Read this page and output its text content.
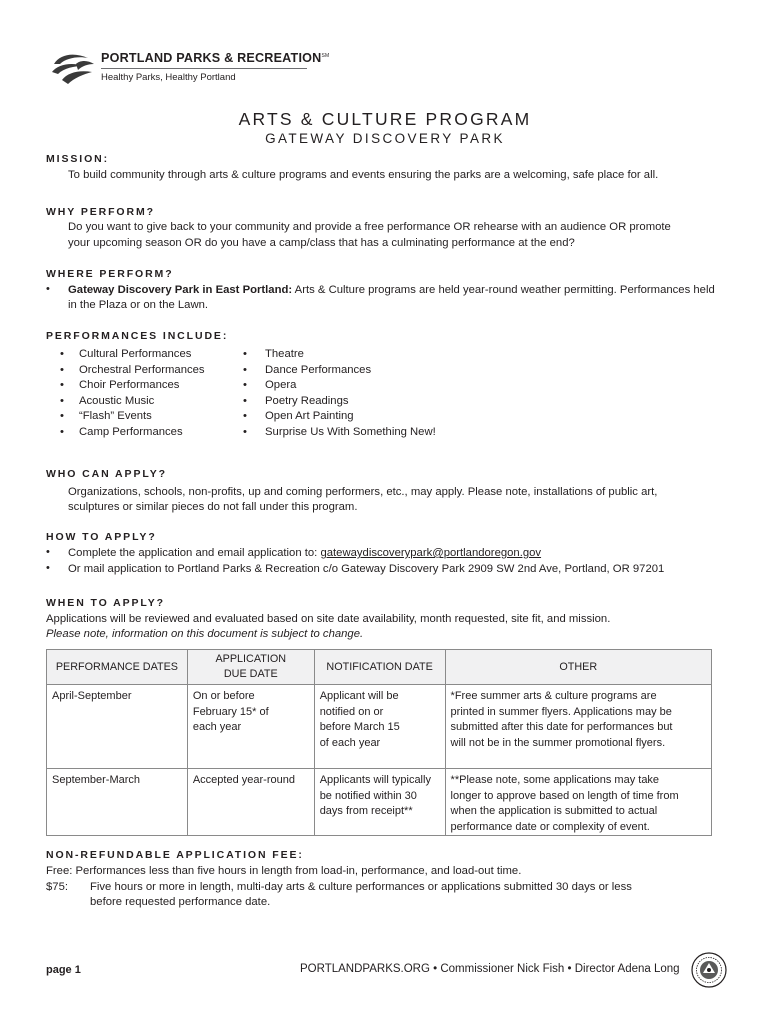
PORTLAND PARKS & RECREATION℠
Healthy Parks, Healthy Portland
ARTS & CULTURE PROGRAM
GATEWAY DISCOVERY PARK
MISSION:
To build community through arts & culture programs and events ensuring the parks are a welcoming, safe place for all.
WHY PERFORM?
Do you want to give back to your community and provide a free performance OR rehearse with an audience OR promote
your upcoming season OR do you have a camp/class that has a culminating performance at the end?
WHERE PERFORM?
• Gateway Discovery Park in East Portland: Arts & Culture programs are held year-round weather permitting. Performances held
in the Plaza or on the Lawn.
PERFORMANCES INCLUDE:
• Cultural Performances
• Orchestral Performances
• Choir Performances
• Acoustic Music
• “Flash” Events
• Camp Performances
• Theatre
• Dance Performances
• Opera
• Poetry Readings
• Open Art Painting
• Surprise Us With Something New!
WHO CAN APPLY?
Organizations, schools, non-profits, up and coming performers, etc., may apply. Please note, installations of public art,
sculptures or similar pieces do not fall under this program.
HOW TO APPLY?
• Complete the application and email application to: gatewaydiscoverypark@portlandoregon.gov
• Or mail application to Portland Parks & Recreation c/o Gateway Discovery Park 2909 SW 2nd Ave, Portland, OR 97201
WHEN TO APPLY?
Applications will be reviewed and evaluated based on site date availability, month requested, site fit, and mission.
Please note, information on this document is subject to change.
PERFORMANCE DATES	APPLICATION
DUE DATE	NOTIFICATION DATE	OTHER
April-September	On or before
February 15* of
each year	Applicant will be
notified on or
before March 15
of each year	*Free summer arts & culture programs are
printed in summer flyers. Applications may be
submitted after this date for performances but
will not be in the summer promotional flyers.
September-March	Accepted year-round	Applicants will typically
be notified within 30
days from receipt**	**Please note, some applications may take
longer to approve based on length of time from
when the application is submitted to actual
performance date or complexity of event.
NON-REFUNDABLE APPLICATION FEE:
Free: Performances less than five hours in length from load-in, performance, and load-out time.
$75: Five hours or more in length, multi-day arts & culture performances or applications submitted 30 days or less
before requested performance date.
page 1	PORTLANDPARKS.ORG • Commissioner Nick Fish • Director Adena Long
